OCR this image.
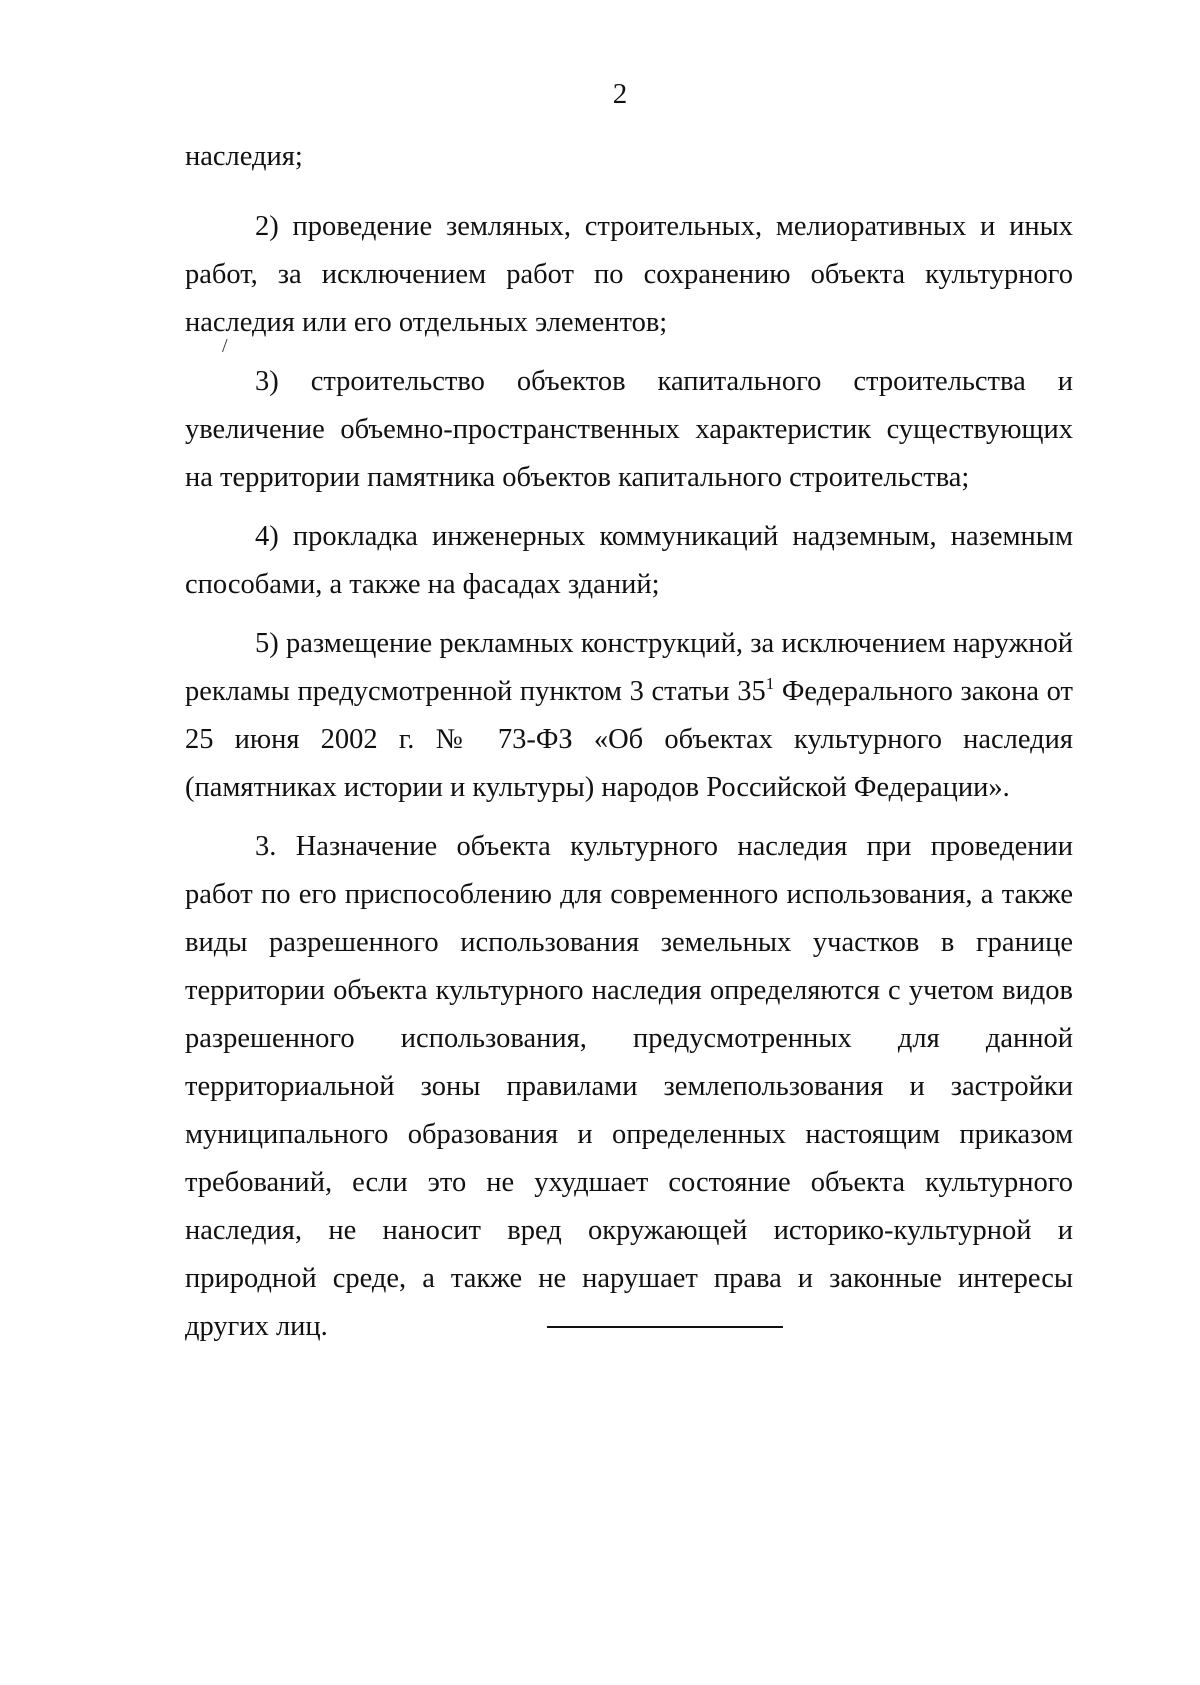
2
/

наследия;

2) проведение земляных, строительных, мелиоративных и иных работ, за исключением работ по сохранению объекта культурного наследия или его отдельных элементов;

3) строительство объектов капитального строительства и увеличение объемно-пространственных характеристик существующих на территории памятника объектов капитального строительства;

4) прокладка инженерных коммуникаций надземным, наземным способами, а также на фасадах зданий;

5) размещение рекламных конструкций, за исключением наружной рекламы предусмотренной пунктом 3 статьи $35^1$ Федерального закона от 25 июня 2002 г. № 73-ФЗ «Об объектах культурного наследия (памятниках истории и культуры) народов Российской Федерации».

3. Назначение объекта культурного наследия при проведении работ по его приспособлению для современного использования, а также виды разрешенного использования земельных участков в границе территории объекта культурного наследия определяются с учетом видов разрешенного использования, предусмотренных для данной территориальной зоны правилами землепользования и застройки муниципального образования и определенных настоящим приказом требований, если это не ухудшает состояние объекта культурного наследия, не наносит вред окружающей историко-культурной и природной среде, а также не нарушает права и законные интересы других лиц.
